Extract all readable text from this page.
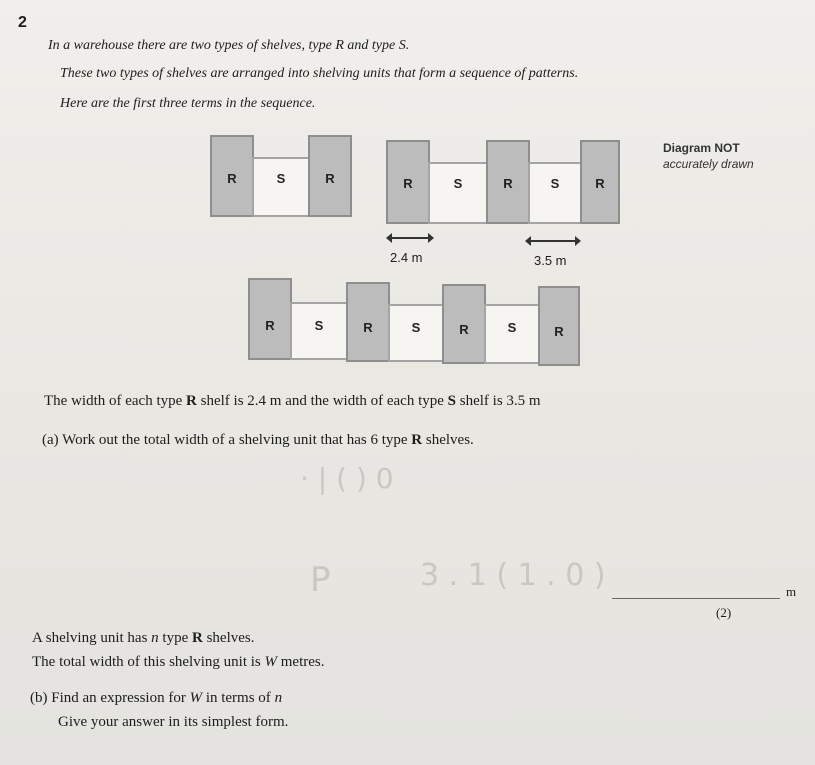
2
In a warehouse there are two types of shelves, type R and type S.
These two types of shelves are arranged into shelving units that form a sequence of patterns.
Here are the first three terms in the sequence.
R	S	R	R	S	R	S	R
2.4 m	3.5 m
R	S	R	S	R	S	R
Diagram NOT
accurately drawn
The width of each type R shelf is 2.4 m and the width of each type S shelf is 3.5 m
(a) Work out the total width of a shelving unit that has 6 type R shelves.
· | ( ) 0
P	3 . 1 ( 1 . 0 )	m
(2)
A shelving unit has n type R shelves.
The total width of this shelving unit is W metres.
(b) Find an expression for W in terms of n
Give your answer in its simplest form.
